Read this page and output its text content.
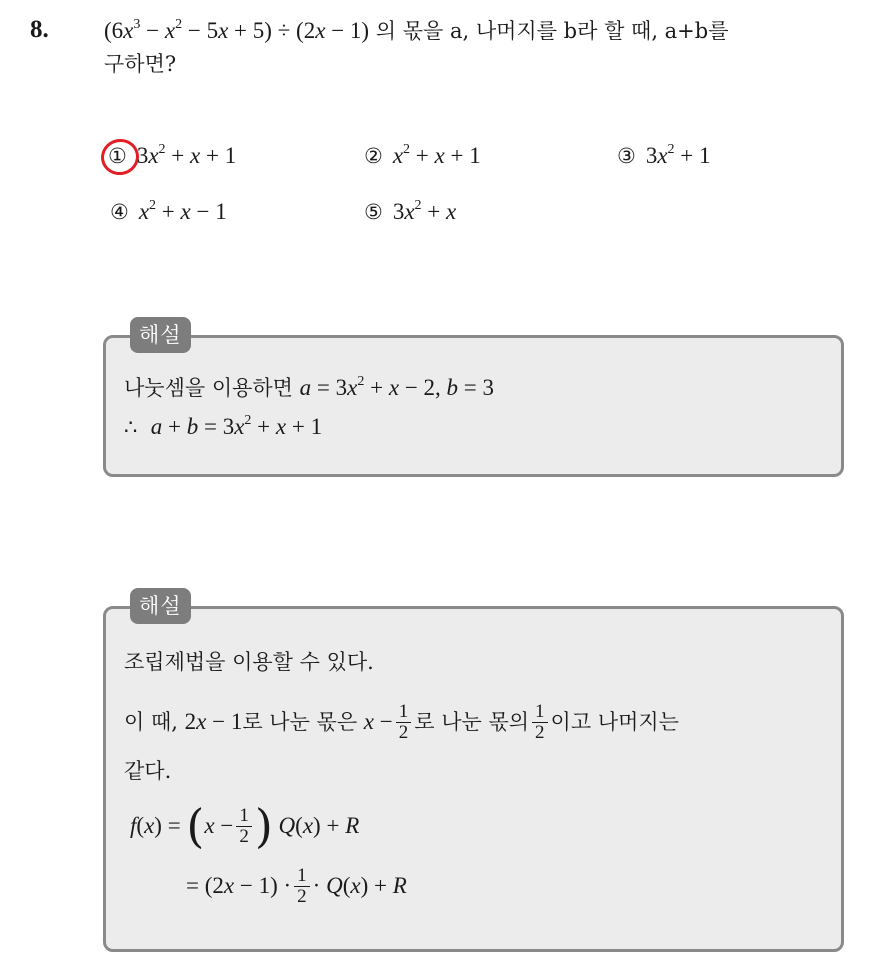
8. $(6x^3 - x^2 - 5x + 5) \div (2x - 1)$ 의 몫을 a, 나머지를 b라 할 때, a+b를
구하면?
① $3x^2 + x + 1$	② $x^2 + x + 1$	③ $3x^2 + 1$
④ $x^2 + x - 1$	⑤ $3x^2 + x$
해설
나눗셈을 이용하면 $a = 3x^2 + x - 2$, b = 3
∴ $a + b = 3x^2 + x + 1$
해설
조립제법을 이용할 수 있다.
이 때,
2x − 1 로 나눈 몫은
$x - \frac{1}{2}$ 로 나눈 몫의 $\frac{1}{2}$ 이고 나머지는
같다.
f(x) = ( $x - \frac{1}{2}$ ) Q(x) + R
= $(2x - 1) \cdot \frac{1}{2} \cdot Q(x) + R$
